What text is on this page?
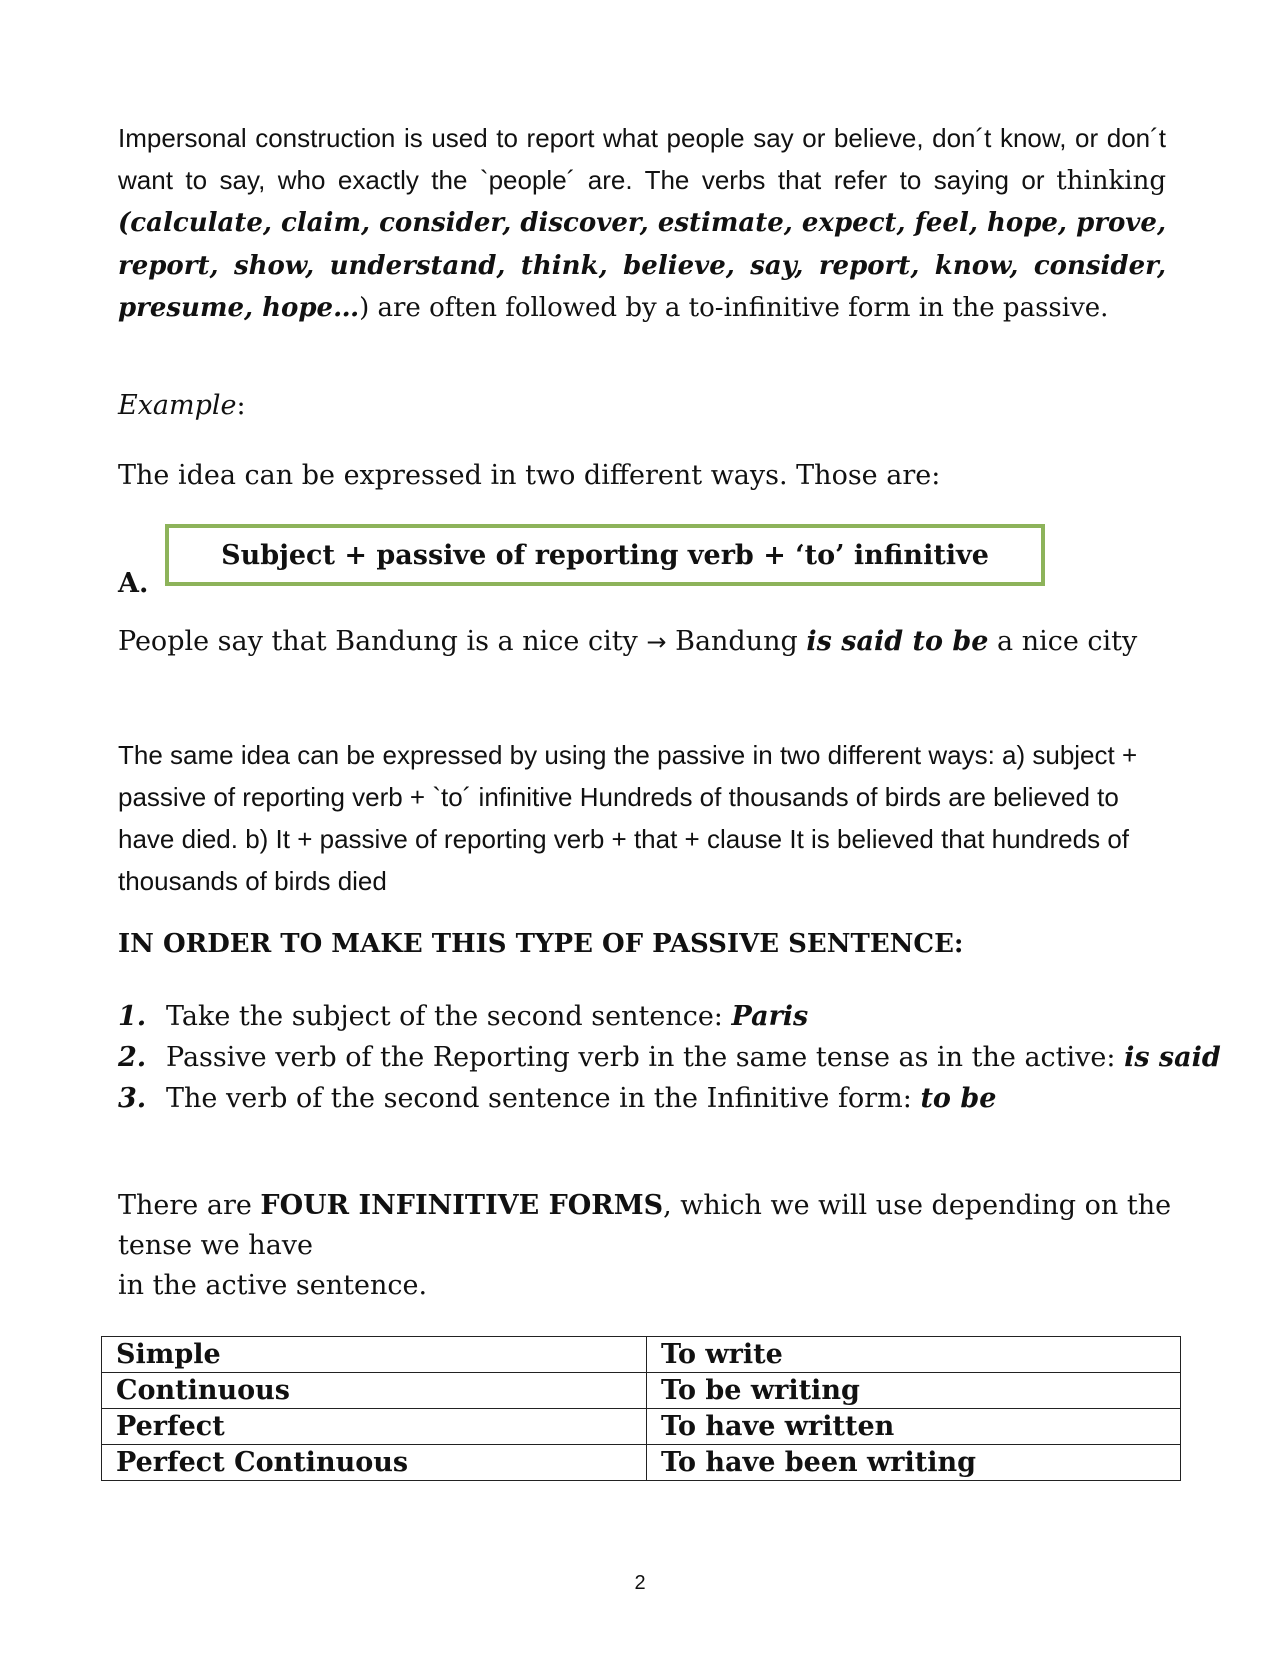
Impersonal construction is used to report what people say or believe, don´t know, or don´t want to say, who exactly the `people´ are. The verbs that refer to saying or thinking (calculate, claim, consider, discover, estimate, expect, feel, hope, prove, report, show, understand, think, believe, say, report, know, consider, presume, hope…) are often followed by a to-infinitive form in the passive.

Example:
The idea can be expressed in two different ways. Those are:
A.
Subject + passive of reporting verb + ‘to’ infinitive
People say that Bandung is a nice city → Bandung is said to be a nice city
The same idea can be expressed by using the passive in two different ways: a) subject + passive of reporting verb + `to´ infinitive Hundreds of thousands of birds are believed to have died. b) It + passive of reporting verb + that + clause It is believed that hundreds of thousands of birds died
IN ORDER TO MAKE THIS TYPE OF PASSIVE SENTENCE:
1. Take the subject of the second sentence: Paris
2. Passive verb of the Reporting verb in the same tense as in the active: is said
3. The verb of the second sentence in the Infinitive form: to be

There are FOUR INFINITIVE FORMS, which we will use depending on the tense we have

in the active sentence.

Simple	To write
Continuous	To be writing
Perfect	To have written
Perfect Continuous	To have been writing
2
